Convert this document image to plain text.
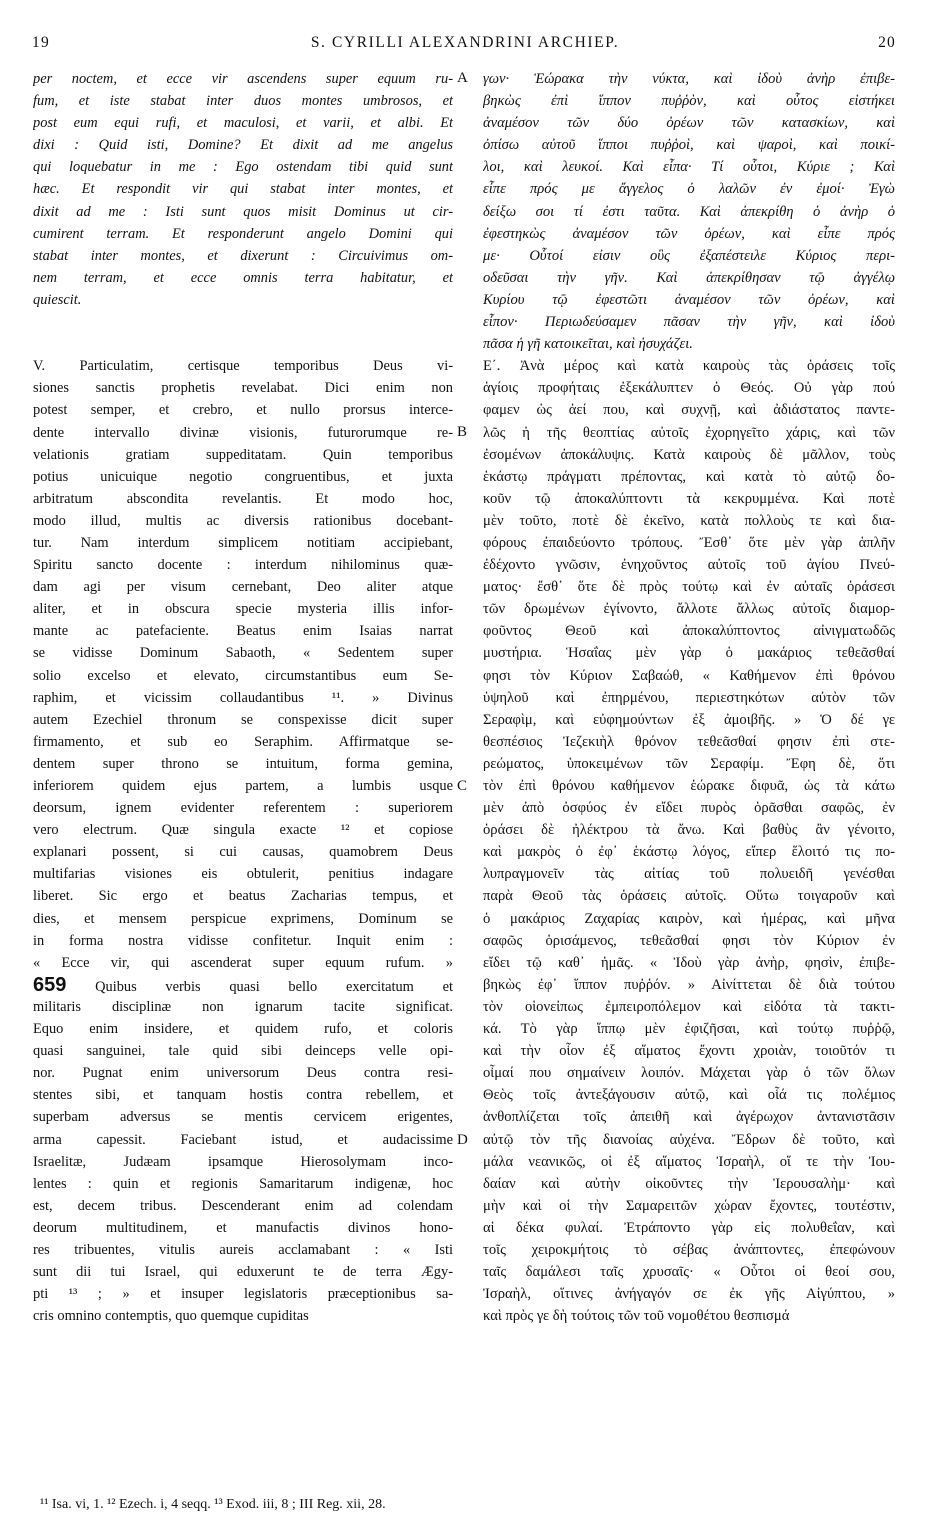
19	S. CYRILLI ALEXANDRINI ARCHIEP.	20
per noctem, et ecce vir ascendens super equum ru-
fum, et iste stabat inter duos montes umbrosos, et
post eum equi rufi, et maculosi, et varii, et albi. Et
dixi : Quid isti, Domine? Et dixit ad me angelus
qui loquebatur in me : Ego ostendam tibi quid sunt
hæc. Et respondit vir qui stabat inter montes, et
dixit ad me : Isti sunt quos misit Dominus ut cir-
cumirent terram. Et responderunt angelo Domini qui
stabat inter montes, et dixerunt : Circuivimus om-
nem terram, et ecce omnis terra habitatur, et
quiescit.
V. Particulatim, certisque temporibus Deus vi-
siones sanctis prophetis revelabat. Dici enim non
potest semper, et crebro, et nullo prorsus interce-
dente intervallo divinæ visionis, futurorumque re-
velationis gratiam suppeditatam. Quin temporibus
potius unicuique negotio congruentibus, et juxta
arbitratum abscondita revelantis. Et modo hoc,
modo illud, multis ac diversis rationibus docebant-
tur. Nam interdum simplicem notitiam accipiebant,
Spiritu sancto docente : interdum nihilominus quæ-
dam agi per visum cernebant, Deo aliter atque
aliter, et in obscura specie mysteria illis infor-
mante ac patefaciente. Beatus enim Isaias narrat
se vidisse Dominum Sabaoth, « Sedentem super
solio excelso et elevato, circumstantibus eum Se-
raphim, et vicissim collaudantibus ¹¹. » Divinus
autem Ezechiel thronum se conspexisse dicit super
firmamento, et sub eo Seraphim. Affirmatque se-
dentem super throno se intuitum, forma gemina,
inferiorem quidem ejus partem, a lumbis usque
deorsum, ignem evidenter referentem : superiorem
vero electrum. Quæ singula exacte ¹² et copiose
explanari possent, si cui causas, quamobrem Deus
multifarias visiones eis obtulerit, penitius indagare
liberet. Sic ergo et beatus Zacharias tempus, et
dies, et mensem perspicue exprimens, Dominum se
in forma nostra vidisse confitetur. Inquit enim :
« Ecce vir, qui ascenderat super equum rufum. »
659 Quibus verbis quasi bello exercitatum et
militaris disciplinæ non ignarum tacite significat.
Equo enim insidere, et quidem rufo, et coloris
quasi sanguinei, tale quid sibi deinceps velle opi-
nor. Pugnat enim universorum Deus contra resi-
stentes sibi, et tanquam hostis contra rebellem, et
superbam adversus se mentis cervicem erigentes,
arma capessit. Faciebant istud, et audacissime
Israelitæ, Judæam ipsamque Hierosolymam inco-
lentes : quin et regionis Samaritarum indigenæ, hoc
est, decem tribus. Descenderant enim ad colendam
deorum multitudinem, et manufactis divinos hono-
res tribuentes, vitulis aureis acclamabant : « Isti
sunt dii tui Israel, qui eduxerunt te de terra Ægy-
pti ¹³ ; » et insuper legislatoris præceptionibus sa-
cris omnino contemptis, quo quemque cupiditas
γων· Ἑώρακα τὴν νύκτα, καὶ ἰδοὺ ἀνὴρ ἐπιβε-
βηκὼς ἐπὶ ἵππον πυῤῥὸν, καὶ οὗτος εἱστήκει
ἀναμέσον τῶν δύο ὀρέων τῶν κατασκίων, καὶ
ὀπίσω αὐτοῦ ἵπποι πυῤῥοὶ, καὶ ψαροὶ, καὶ ποικί-
λοι, καὶ λευκοί. Καὶ εἶπα· Τί οὗτοι, Κύριε ; Καὶ
εἶπε πρός με ἄγγελος ὁ λαλῶν ἐν ἐμοί· Ἐγὼ
δείξω σοι τί ἐστι ταῦτα. Καὶ ἀπεκρίθη ὁ ἀνὴρ ὁ
ἐφεστηκὼς ἀναμέσον τῶν ὀρέων, καὶ εἶπε πρός
με· Οὗτοί εἰσιν οὓς ἐξαπέστειλε Κύριος περι-
οδεῦσαι τὴν γῆν. Καὶ ἀπεκρίθησαν τῷ ἀγγέλῳ
Κυρίου τῷ ἐφεστῶτι ἀναμέσον τῶν ὀρέων, καὶ
εἶπον· Περιωδεύσαμεν πᾶσαν τὴν γῆν, καὶ ἰδοὺ
πᾶσα ἡ γῆ κατοικεῖται, καὶ ἡσυχάζει.
Ε΄. Ἀνὰ μέρος καὶ κατὰ καιροὺς τὰς ὁράσεις τοῖς
ἁγίοις προφήταις ἐξεκάλυπτεν ὁ Θεός. Οὐ γὰρ πού
φαμεν ὡς ἀεί που, καὶ συχνῇ, καὶ ἀδιάστατος παντε-
λῶς ἡ τῆς θεοπτίας αὐτοῖς ἐχορηγεῖτο χάρις, καὶ τῶν
ἐσομένων ἀποκάλυψις. Κατὰ καιροὺς δὲ μᾶλλον, τοὺς
ἑκάστῳ πράγματι πρέποντας, καὶ κατὰ τὸ αὐτῷ δο-
κοῦν τῷ ἀποκαλύπτοντι τὰ κεκρυμμένα. Καὶ ποτὲ
μὲν τοῦτο, ποτὲ δὲ ἐκεῖνο, κατὰ πολλοὺς τε καὶ δια-
φόρους ἐπαιδεύοντο τρόπους. Ἔσθ᾽ ὅτε μὲν γὰρ ἁπλῆν
ἐδέχοντο γνῶσιν, ἐνηχοῦντος αὐτοῖς τοῦ ἁγίου Πνεύ-
ματος· ἔσθ᾽ ὅτε δὲ πρὸς τούτῳ καὶ ἐν αὐταῖς ὁράσεσι
τῶν δρωμένων ἐγίνοντο, ἄλλοτε ἄλλως αὐτοῖς διαμορ-
φοῦντος Θεοῦ καὶ ἀποκαλύπτοντος αἰνιγματωδῶς
μυστήρια. Ἡσαΐας μὲν γὰρ ὁ μακάριος τεθεᾶσθαί
φησι τὸν Κύριον Σαβαώθ, « Καθήμενον ἐπὶ θρόνου
ὑψηλοῦ καὶ ἐπηρμένου, περιεστηκότων αὐτὸν τῶν
Σεραφὶμ, καὶ εὐφημούντων ἐξ ἀμοιβῆς. » Ὁ δέ γε
θεσπέσιος Ἰεζεκιὴλ θρόνον τεθεᾶσθαί φησιν ἐπὶ στε-
ρεώματος, ὑποκειμένων τῶν Σεραφίμ. Ἔφη δὲ, ὅτι
τὸν ἐπὶ θρόνου καθήμενον ἑώρακε διφυᾶ, ὡς τὰ κάτω
μὲν ἀπὸ ὀσφύος ἐν εἴδει πυρὸς ὁρᾶσθαι σαφῶς, ἐν
ὁράσει δὲ ἠλέκτρου τὰ ἄνω. Καὶ βαθὺς ἂν γένοιτο,
καὶ μακρὸς ὁ ἐφ᾽ ἑκάστῳ λόγος, εἴπερ ἕλοιτό τις πο-
λυπραγμονεῖν τὰς αἰτίας τοῦ πολυειδῆ γενέσθαι
παρὰ Θεοῦ τὰς ὁράσεις αὐτοῖς. Οὕτω τοιγαροῦν καὶ
ὁ μακάριος Ζαχαρίας καιρὸν, καὶ ἡμέρας, καὶ μῆνα
σαφῶς ὁρισάμενος, τεθεᾶσθαί φησι τὸν Κύριον ἐν
εἴδει τῷ καθ᾽ ἡμᾶς. « Ἰδοὺ γὰρ ἀνὴρ, φησὶν, ἐπιβε-
βηκὼς ἐφ᾽ ἵππον πυῤῥόν. » Αἰνίττεται δὲ διὰ τούτου
τὸν οἱονεἰπως ἐμπειροπόλεμον καὶ εἰδότα τὰ τακτι-
κά. Τὸ γὰρ ἵππῳ μὲν ἐφιζῆσαι, καὶ τούτῳ πυῤῥῷ,
καὶ τὴν οἷον ἐξ αἵματος ἔχοντι χροιὰν, τοιοῦτόν τι
οἶμαί που σημαίνειν λοιπόν. Μάχεται γὰρ ὁ τῶν ὅλων
Θεὸς τοῖς ἀντεξάγουσιν αὐτῷ, καὶ οἷά τις πολέμιος
ἀνθοπλίζεται τοῖς ἀπειθῆ καὶ ἀγέρωχον ἀντανιστᾶσιν
αὐτῷ τὸν τῆς διανοίας αὐχένα. Ἔδρων δὲ τοῦτο, καὶ
μάλα νεανικῶς, οἱ ἐξ αἵματος Ἰσραὴλ, οἵ τε τὴν Ἰου-
δαίαν καὶ αὐτὴν οἰκοῦντες τὴν Ἱερουσαλὴμ· καὶ
μὴν καὶ οἱ τὴν Σαμαρειτῶν χώραν ἔχοντες, τουτέστιν,
αἱ δέκα φυλαί. Ἐτράποντο γὰρ εἰς πολυθεΐαν, καὶ
τοῖς χειροκμήτοις τὸ σέβας ἀνάπτοντες, ἐπεφώνουν
ταῖς δαμάλεσι ταῖς χρυσαῖς· « Οὗτοι οἱ θεοί σου,
Ἰσραὴλ, οἵτινες ἀνήγαγόν σε ἐκ γῆς Αἰγύπτου, »
καὶ πρὸς γε δὴ τούτοις τῶν τοῦ νομοθέτου θεσπισμά
A
B
C
D
¹¹ Isa. vi, 1. ¹² Ezech. i, 4 seqq. ¹³ Exod. iii, 8 ; III Reg. xii, 28.
